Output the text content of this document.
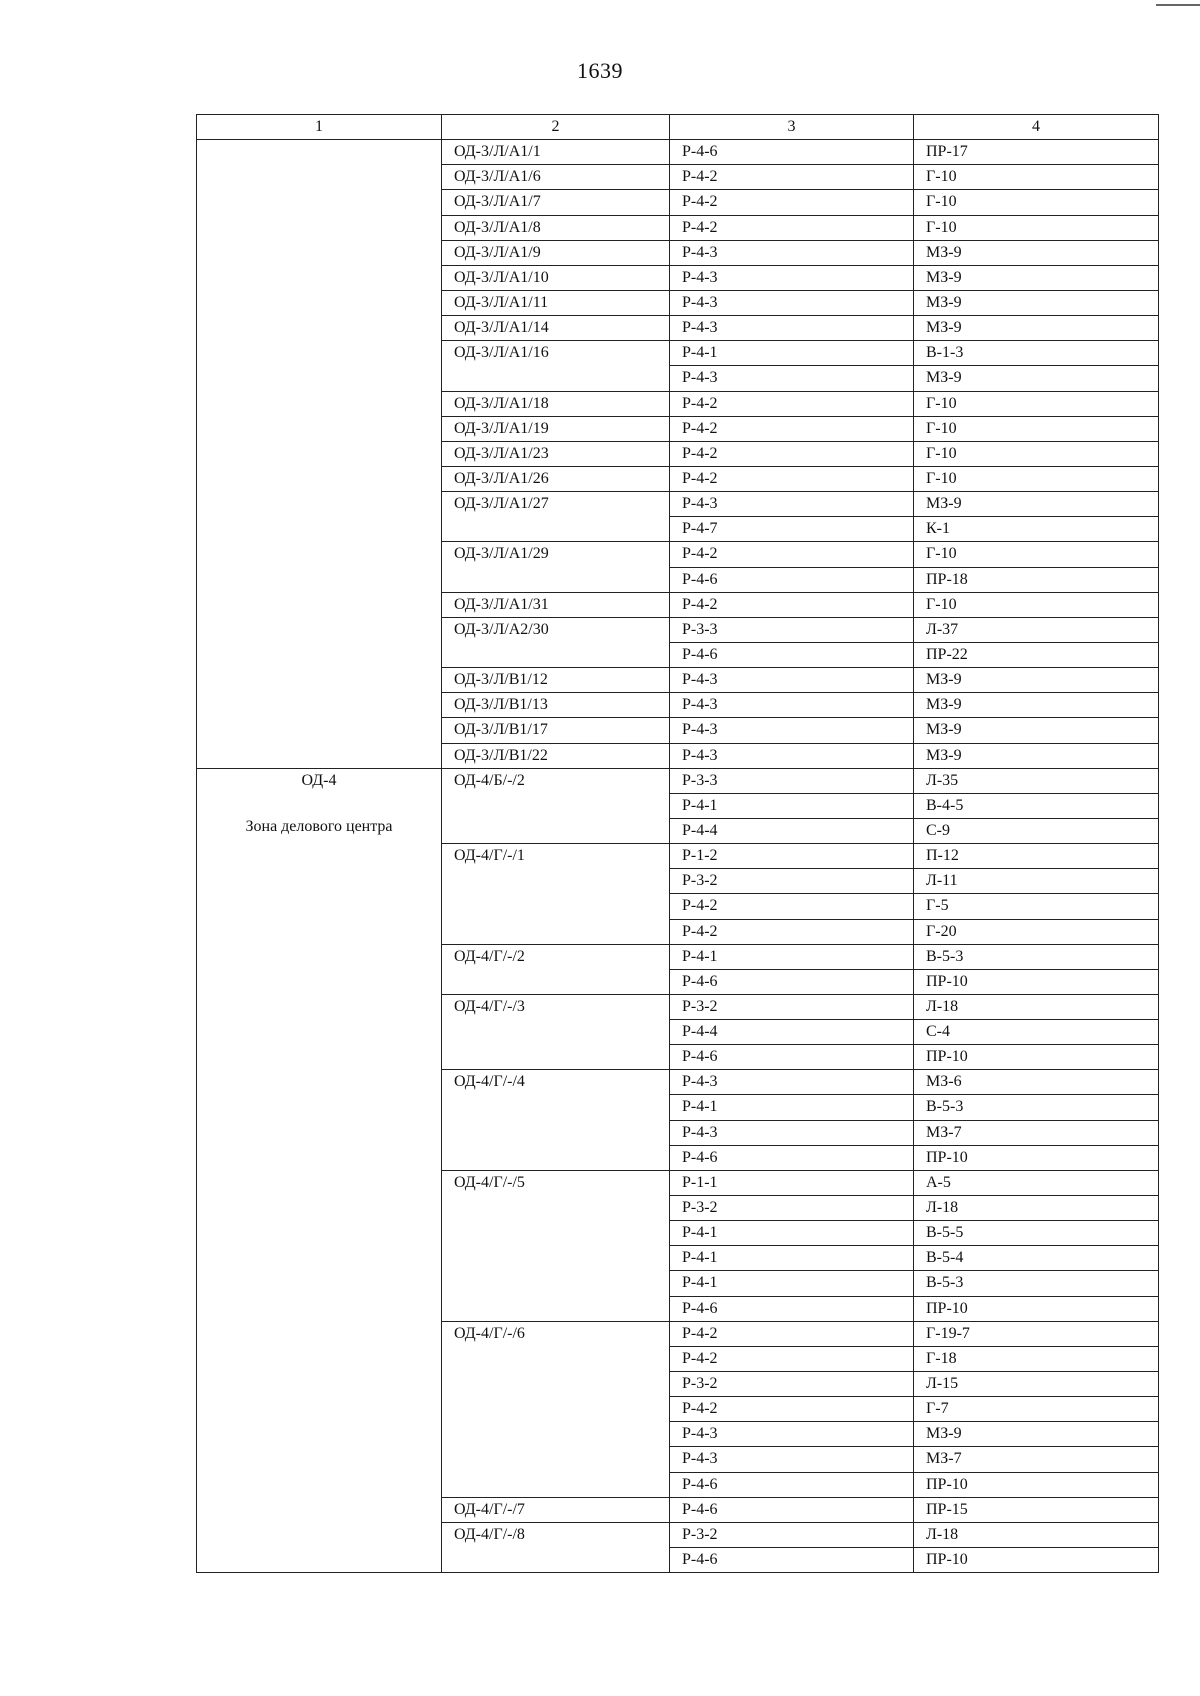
1639
1	2	3	4

	ОД-3/Л/А1/1	Р-4-6	ПР-17
	ОД-3/Л/А1/6	Р-4-2	Г-10
	ОД-3/Л/А1/7	Р-4-2	Г-10
	ОД-3/Л/А1/8	Р-4-2	Г-10
	ОД-3/Л/А1/9	Р-4-3	МЗ-9
	ОД-3/Л/А1/10	Р-4-3	МЗ-9
	ОД-3/Л/А1/11	Р-4-3	МЗ-9
	ОД-3/Л/А1/14	Р-4-3	МЗ-9
	ОД-3/Л/А1/16	Р-4-1	В-1-3
		Р-4-3	МЗ-9
	ОД-3/Л/А1/18	Р-4-2	Г-10
	ОД-3/Л/А1/19	Р-4-2	Г-10
	ОД-3/Л/А1/23	Р-4-2	Г-10
	ОД-3/Л/А1/26	Р-4-2	Г-10
	ОД-3/Л/А1/27	Р-4-3	МЗ-9
		Р-4-7	К-1
	ОД-3/Л/А1/29	Р-4-2	Г-10
		Р-4-6	ПР-18
	ОД-3/Л/А1/31	Р-4-2	Г-10
	ОД-3/Л/А2/30	Р-3-3	Л-37
		Р-4-6	ПР-22
	ОД-3/Л/В1/12	Р-4-3	МЗ-9
	ОД-3/Л/В1/13	Р-4-3	МЗ-9
	ОД-3/Л/В1/17	Р-4-3	МЗ-9
	ОД-3/Л/В1/22	Р-4-3	МЗ-9

ОД-4
Зона делового центра	ОД-4/Б/-/2	Р-3-3	Л-35
		Р-4-1	В-4-5
		Р-4-4	С-9
	ОД-4/Г/-/1	Р-1-2	П-12
		Р-3-2	Л-11
		Р-4-2	Г-5
		Р-4-2	Г-20
	ОД-4/Г/-/2	Р-4-1	В-5-3
		Р-4-6	ПР-10
	ОД-4/Г/-/3	Р-3-2	Л-18
		Р-4-4	С-4
		Р-4-6	ПР-10
	ОД-4/Г/-/4	Р-4-3	МЗ-6
		Р-4-1	В-5-3
		Р-4-3	МЗ-7
		Р-4-6	ПР-10
	ОД-4/Г/-/5	Р-1-1	А-5
		Р-3-2	Л-18
		Р-4-1	В-5-5
		Р-4-1	В-5-4
		Р-4-1	В-5-3
		Р-4-6	ПР-10
	ОД-4/Г/-/6	Р-4-2	Г-19-7
		Р-4-2	Г-18
		Р-3-2	Л-15
		Р-4-2	Г-7
		Р-4-3	МЗ-9
		Р-4-3	МЗ-7
		Р-4-6	ПР-10
	ОД-4/Г/-/7	Р-4-6	ПР-15
	ОД-4/Г/-/8	Р-3-2	Л-18
		Р-4-6	ПР-10
